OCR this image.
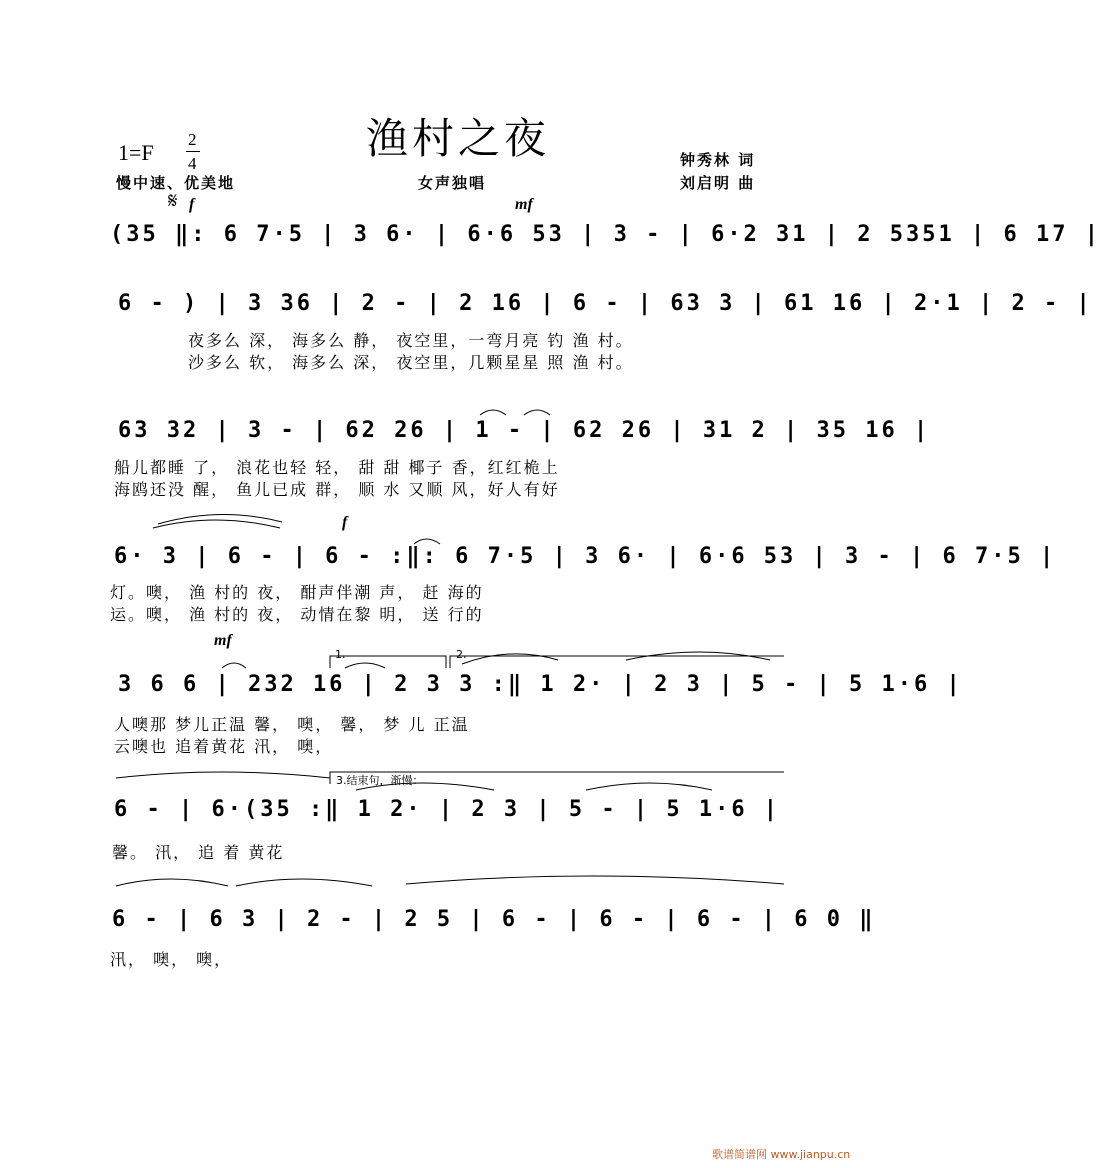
渔村之夜
1=F
2
4
慢中速、优美地	女声独唱
钟秀林 词
刘启明 曲
𝄋 f	mf
f
mf
(35 ‖: 6 7·5 | 3 6· | 6·6 53 | 3 - | 6·2 31 | 2 5351 | 6 17 |
6 - ) | 3 36 | 2 - | 2 16 | 6 - | 63 3 | 61 16 | 2·1 | 2 - |
夜多么 深， 海多么 静， 夜空里，一弯月亮 钓 渔 村。
沙多么 软， 海多么 深， 夜空里，几颗星星 照 渔 村。
63 32 | 3 - | 62 26 | 1 - | 62 26 | 31 2 | 35 16 |
船儿都睡 了， 浪花也轻 轻， 甜 甜 椰子 香，红红桅上
海鸥还没 醒， 鱼儿已成 群， 顺 水 又顺 风，好人有好
6· 3 | 6 - | 6 - :‖: 6 7·5 | 3 6· | 6·6 53 | 3 - | 6 7·5 |
灯。噢， 渔 村的 夜， 酣声伴潮 声， 赶 海的
运。噢， 渔 村的 夜， 动情在黎 明， 送 行的
1.	2.
3 6 6 | 232 16 | 2 3 3 :‖ 1 2· | 2 3 | 5 - | 5 1·6 |
人噢那 梦儿正温 馨， 噢， 馨， 梦 儿 正温
云噢也 追着黄花 汛， 噢，
3.结束句，渐慢：
6 - | 6·(35 :‖ 1 2· | 2 3 | 5 - | 5 1·6 |
馨。 汛， 追 着 黄花
6 - | 6 3 | 2 - | 2 5 | 6 - | 6 - | 6 - | 6 0 ‖
汛， 噢， 噢，
歌谱简谱网 www.jianpu.cn
